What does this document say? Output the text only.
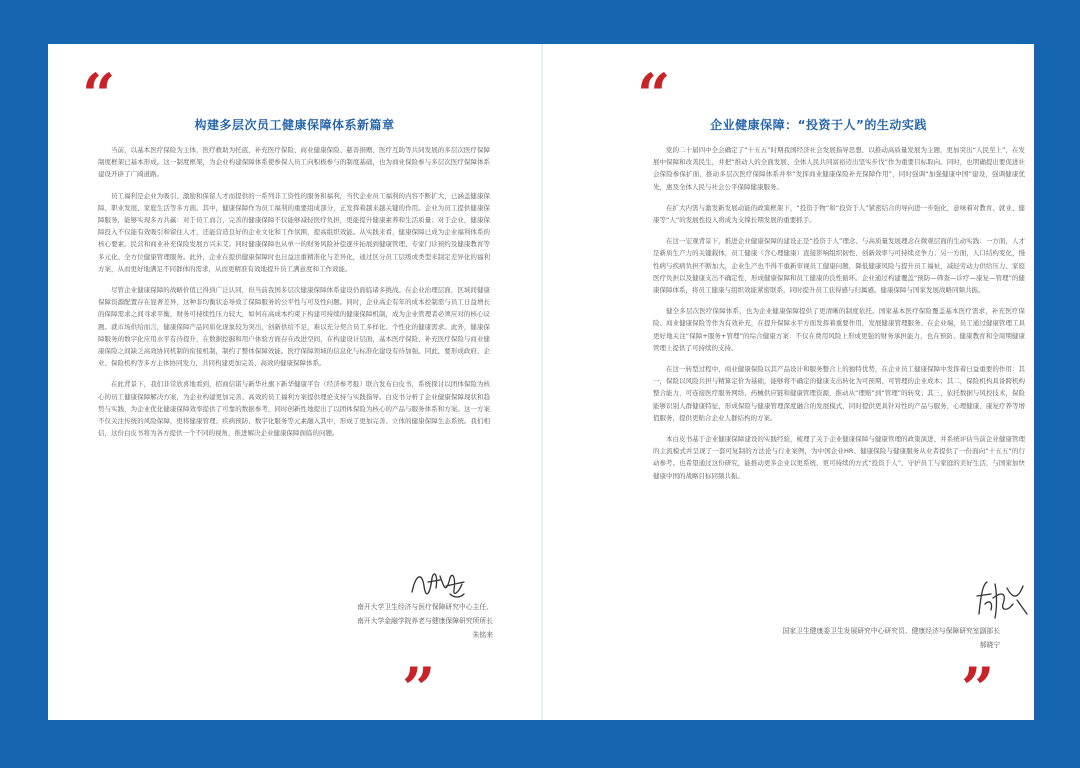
“	构建多层次员工健康保障体系新篇章

当前，以基本医疗保险为主体，医疗救助为托底，补充医疗保险、商业健康保险、慈善捐赠、医疗互助等共同发展的多层次医疗保障制度框架已基本形成。这一制度框架，为企业构建保障体系使参保人员工向积极参与的制度基础，也为商业保险参与多层次医疗保障体系建设开辟了广阔道路。

员工福利是企业为吸引、激励和保留人才而提供的一系列非工资性的服务和福利，当代企业员工福利的内容不断扩大，已涵盖健康保障、职业发展、家庭生活等多方面。其中，健康保障作为员工福利的重要组成部分，正发挥着越来越关键的作用。企业为员工提供健康保障服务，能够实现多方共赢：对于员工而言，完善的健康保障不仅能够减轻医疗负担，更能提升健康素养和生活质量；对于企业，健康保障投入不仅能有效吸引和留住人才，还能营造良好的企业文化和工作氛围，提高组织效能。从实践来看，健康保障已成为企业福利体系的核心要素。民营和商业补充保险发展方兴未艾。同时健康保障也从单一的财务风险补偿逐步拓展到健康管理、专家门诊预约及健康教育等多元化、全方位健康管理服务。此外，企业在提供健康保障时也日益注重精准化与差异化，通过区分员工层级或类型来制定差异化的福利方案，从而更好地满足不同群体的需求，从而更精准有效地提升员工满意度和工作效能。

尽管企业健康保障的战略价值已得到广泛认同，但当前我国多层次健康保障体系建设仍面临诸多挑战。在企业治理层面，区域间健康保障资源配置存在显著差异，这种非均衡状态导致了保障服务的公平性与可及性问题。同时，企业高企有年的成本控制需与员工日益增长的保障需求之间寻求平衡，财务可持续性压力较大，如何在高成本约束下构建可持续的健康保障机制，成为企业管理者必须应对的核心议题。就市场供给而言，健康保障产品同质化现象较为突出，创新供给不足，难以充分契合员工多样化、个性化的健康需求。此外，健康保障服务的数字化应用水平有待提升，在数据挖掘和用户体验方面存在改进空间，在构建设计层面，基本医疗保险、补充医疗保险与商业健康保险之间缺乏高效协同机制的衔接机制，制约了整体保障效能。医疗保障领域的信息化与标准化建设有待加强。同此，要形成政府、企业、保险机构等多方主体协同发力，共同构建更加完善、高效的健康保障体系。

在此背景下，我们非常欣喜地看到，招商信诺与新华社旗下新华健康平台（经济参考报）联合发布白皮书，系统探讨以团体保险为核心的员工健康保障解决方案，为企业构建更加完善、高效的员工福利方案提供理论支持与实践指导。白皮书分析了企业健康保障现状和趋势与实践，为企业优化健康保障效率提供了可靠的数据参考，同时创新性地提出了以团体保险为核心的产品与服务体系和方案。这一方案不仅关注传统的风险保障，更将健康管理、疾病预防、数字化服务等元素融入其中，形成了更加完善、立体的健康保障生态系统。我们相信，这份白皮书将为各方提供一个不同的视角，推进解决企业健康保障面临的问题。

南开大学卫生经济与医疗保障研究中心主任、
南开大学金融学院养老与健康保障研究所所长
朱铭来
”
“	企业健康保障：“投资于人”的生动实践

党的二十届四中全会确定了“十五五”时期我国经济社会发展指导思想，以推动高质量发展为主题，更加突出“人民至上”，在发展中保障和改善民生，并把“推动人的全面发展、全体人民共同富裕迈出坚实步伐”作为重要目标取向。同时，也明确提出要促进社会保险参保扩面、推动多层次医疗保障体系并举“发挥商业健康保险补充保障作用”，同时强调“加强健康中国”建设，强调健康优先，惠及全体人民与社会公平保障健康服务。

在扩大内需与激发新发展动能的政策框架下，“投资于物”和“投资于人”紧密结合的导向进一步强化，意味着对教育、就业、健康等“人”的发展性投入将成为支撑长期发展的重要抓手。

在这一宏观背景下，推进企业健康保障的建设正是“投资于人”理念、与高质量发展理念在微观层面的生动实践：一方面，人才是新质生产力的关键载体，员工健康（含心理健康）直接影响组织韧性、创新效率与可持续竞争力；另一方面，人口结构变化，慢性病与疾病负担不断加大，企业生产也不得不重新审视员工健康问题，降低健康风险与提升员工福祉，减轻劳动力供给压力、家庭医疗负担以及健康支出不确定性，形成健康保障和员工健康的良性循环。企业通过构建覆盖“预防—筛查—诊疗—康复—管理”的健康保障体系，将员工健康与组织效能紧密联系，同时提升员工获得感与归属感。健康保障与国家发展战略同频共振。

健全多层次医疗保障体系，也为企业健康保障提供了更清晰的制度依托。国家基本医疗保险覆盖基本医疗需求，补充医疗保险、商业健康保险等作为有效补充，在提升保障水平方面发挥着重要作用，发展健康管理服务、在企业端，员工通过健康管理工具更好地关注“保障+服务+管理”的综合健康方案：不仅在费用风险上形成更强的财务承担能力，也在预防、健康教育和全周期健康管理上提供了可持续的支持。

在这一转型过程中，商业健康保险以其产品设计和服务整合上的独特优势，在企业员工健康保障中发挥着日益重要的作用：其一，保险以风险共担与精算定价为基础，能够将不确定的健康支出转化为可预期、可管理的企业成本；其二，保险机构具备跨机构整合能力，可连接医疗服务网络、药械供应链和健康管理资源，推动从“理赔”到“管理”的转变；其三，依托数据与风控技术，保险能够识别人群健康特征，形成保险与健康管理深度融合的发展模式，同时提供更具针对性的产品与服务，心理健康、康复疗养等增值服务，提供更贴合企业人群结构的方案。

本白皮书基于企业健康保障建设的实践经验，梳理了关于企业健康保障与健康管理的政策演进、并系统评估当前企业健康管理的主流模式并呈现了一套可复制的方法论与行业案例，为中国企业HR、健康保险与健康服务从业者提供了一份面向“十五五”的行动参考。也希望通过这份研究，能推动更多企业以更系统、更可持续的方式“投资于人”，守护员工与家庭的美好生活，与国家加快健康中国的战略目标同频共振。

国家卫生健康委卫生发展研究中心研究员、健康经济与保障研究室副部长
郝晓宁
”
